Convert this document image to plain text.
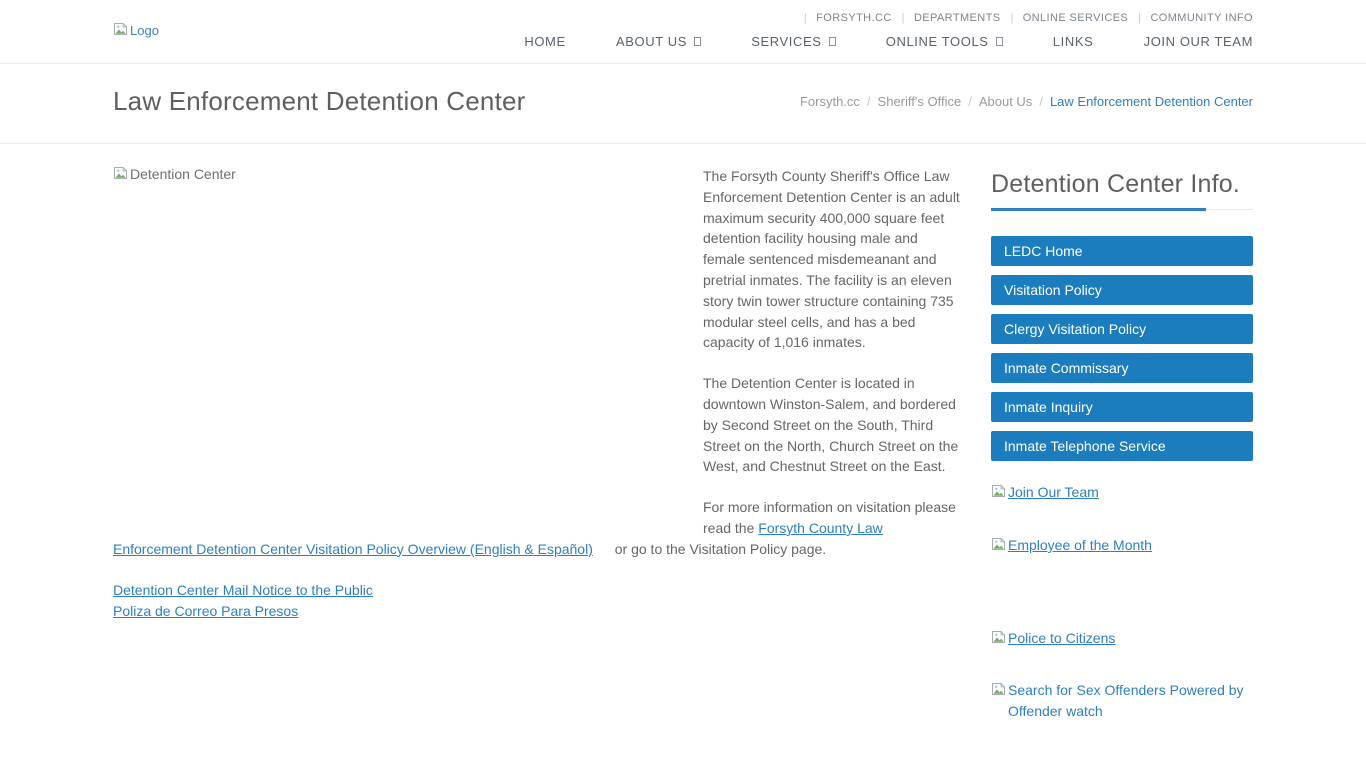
Logo
| FORSYTH.CC | DEPARTMENTS | ONLINE SERVICES | COMMUNITY INFO
HOME
	ABOUT US
	SERVICES
	ONLINE TOOLS
	LINKS
	JOIN OUR TEAM
Law Enforcement Detention Center	Forsyth.cc / Sheriff's Office / About Us / Law Enforcement Detention Center
Detention Center	The Forsyth County Sheriff's Office Law Enforcement Detention Center is an adult maximum security 400,000 square feet detention facility housing male and female sentenced misdemeanant and pretrial inmates. The facility is an eleven story twin tower structure containing 735 modular steel cells, and has a bed capacity of 1,016 inmates.

The Detention Center is located in downtown Winston-Salem, and bordered by Second Street on the South, Third Street on the North, Church Street on the West, and Chestnut Street on the East.

For more information on visitation please read the Forsyth County Law Enforcement Detention Center Visitation Policy Overview (English & Español) or go to the Visitation Policy page.

Detention Center Mail Notice to the Public
Poliza de Correo Para Presos
Detention Center Info.
LEDC Home
Visitation Policy
Clergy Visitation Policy
Inmate Commissary
Inmate Inquiry
Inmate Telephone Service
Join Our Team
Employee of the Month
Police to Citizens
Search for Sex Offenders Powered by Offender watch
